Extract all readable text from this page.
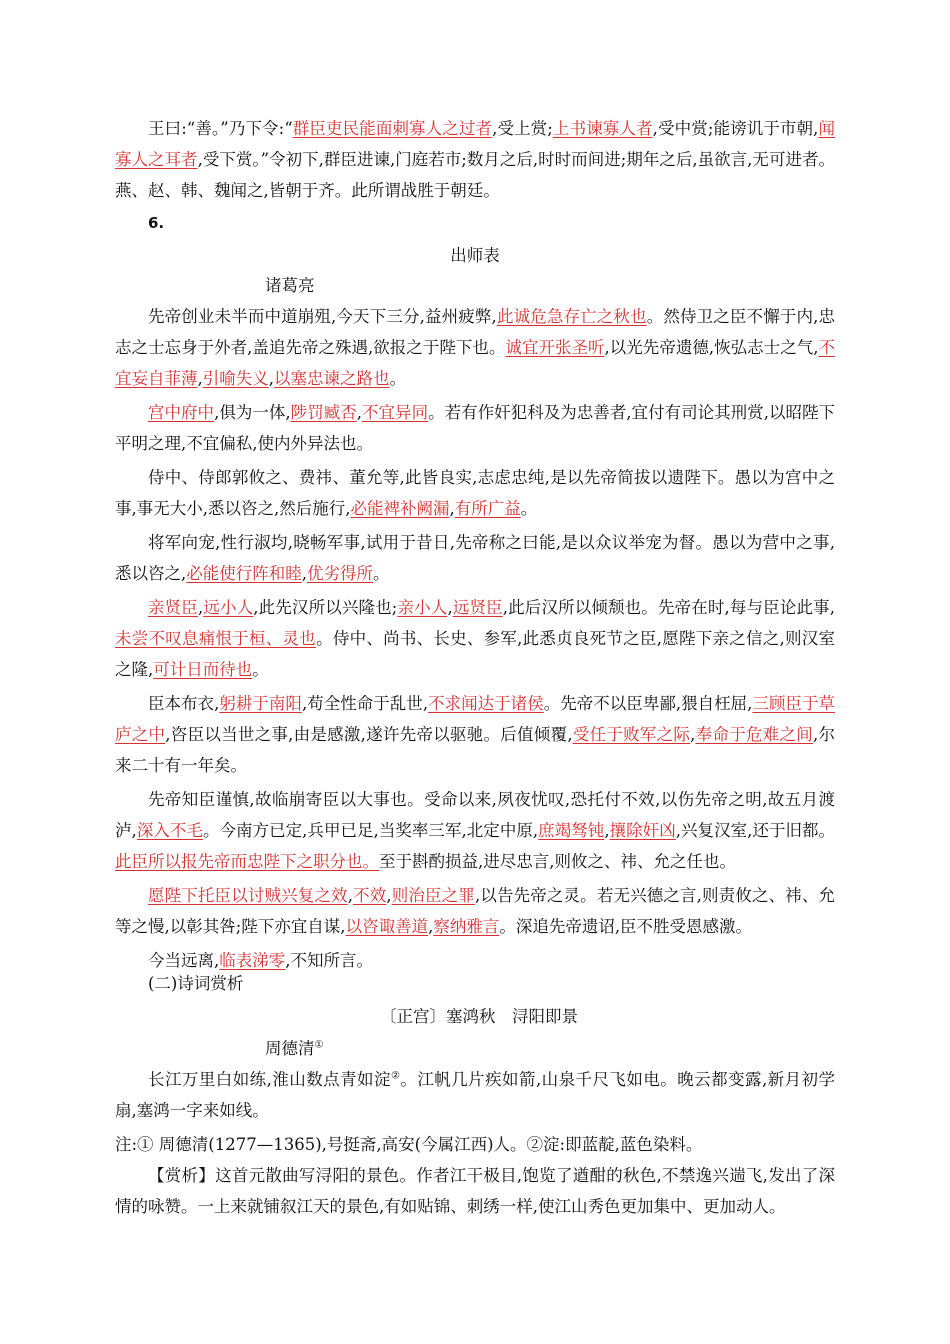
王曰:“善。”乃下令:“群臣吏民能面刺寡人之过者,受上赏;上书谏寡人者,受中赏;能谤讥于市朝,闻寡人之耳者,受下赏。”令初下,群臣进谏,门庭若市;数月之后,时时而间进;期年之后,虽欲言,无可进者。燕、赵、韩、魏闻之,皆朝于齐。此所谓战胜于朝廷。

6.
出师表
诸葛亮

先帝创业未半而中道崩殂,今天下三分,益州疲弊,此诚危急存亡之秋也。然侍卫之臣不懈于内,忠志之士忘身于外者,盖追先帝之殊遇,欲报之于陛下也。诚宜开张圣听,以光先帝遗德,恢弘志士之气,不宜妄自菲薄,引喻失义,以塞忠谏之路也。

宫中府中,俱为一体,陟罚臧否,不宜异同。若有作奸犯科及为忠善者,宜付有司论其刑赏,以昭陛下平明之理,不宜偏私,使内外异法也。

侍中、侍郎郭攸之、费祎、董允等,此皆良实,志虑忠纯,是以先帝简拔以遗陛下。愚以为宫中之事,事无大小,悉以咨之,然后施行,必能裨补阙漏,有所广益。

将军向宠,性行淑均,晓畅军事,试用于昔日,先帝称之曰能,是以众议举宠为督。愚以为营中之事,悉以咨之,必能使行阵和睦,优劣得所。

亲贤臣,远小人,此先汉所以兴隆也;亲小人,远贤臣,此后汉所以倾颓也。先帝在时,每与臣论此事,未尝不叹息痛恨于桓、灵也。侍中、尚书、长史、参军,此悉贞良死节之臣,愿陛下亲之信之,则汉室之隆,可计日而待也。

臣本布衣,躬耕于南阳,苟全性命于乱世,不求闻达于诸侯。先帝不以臣卑鄙,猥自枉屈,三顾臣于草庐之中,咨臣以当世之事,由是感激,遂许先帝以驱驰。后值倾覆,受任于败军之际,奉命于危难之间,尔来二十有一年矣。

先帝知臣谨慎,故临崩寄臣以大事也。受命以来,夙夜忧叹,恐托付不效,以伤先帝之明,故五月渡泸,深入不毛。今南方已定,兵甲已足,当奖率三军,北定中原,庶竭驽钝,攘除奸凶,兴复汉室,还于旧都。此臣所以报先帝而忠陛下之职分也。至于斟酌损益,进尽忠言,则攸之、祎、允之任也。

愿陛下托臣以讨贼兴复之效,不效,则治臣之罪,以告先帝之灵。若无兴德之言,则责攸之、祎、允等之慢,以彰其咎;陛下亦宜自谋,以咨诹善道,察纳雅言。深追先帝遗诏,臣不胜受恩感激。

今当远离,临表涕零,不知所言。

(二)诗词赏析
〔正宫〕塞鸿秋　浔阳即景
周德清①

长江万里白如练,淮山数点青如淀②。江帆几片疾如箭,山泉千尺飞如电。晚云都变露,新月初学扇,塞鸿一字来如线。

注:① 周德清(1277—1365),号挺斋,高安(今属江西)人。②淀:即蓝靛,蓝色染料。

【赏析】这首元散曲写浔阳的景色。作者江干极目,饱览了遒酣的秋色,不禁逸兴遄飞,发出了深情的咏赞。一上来就铺叙江天的景色,有如贴锦、刺绣一样,使江山秀色更加集中、更加动人。
